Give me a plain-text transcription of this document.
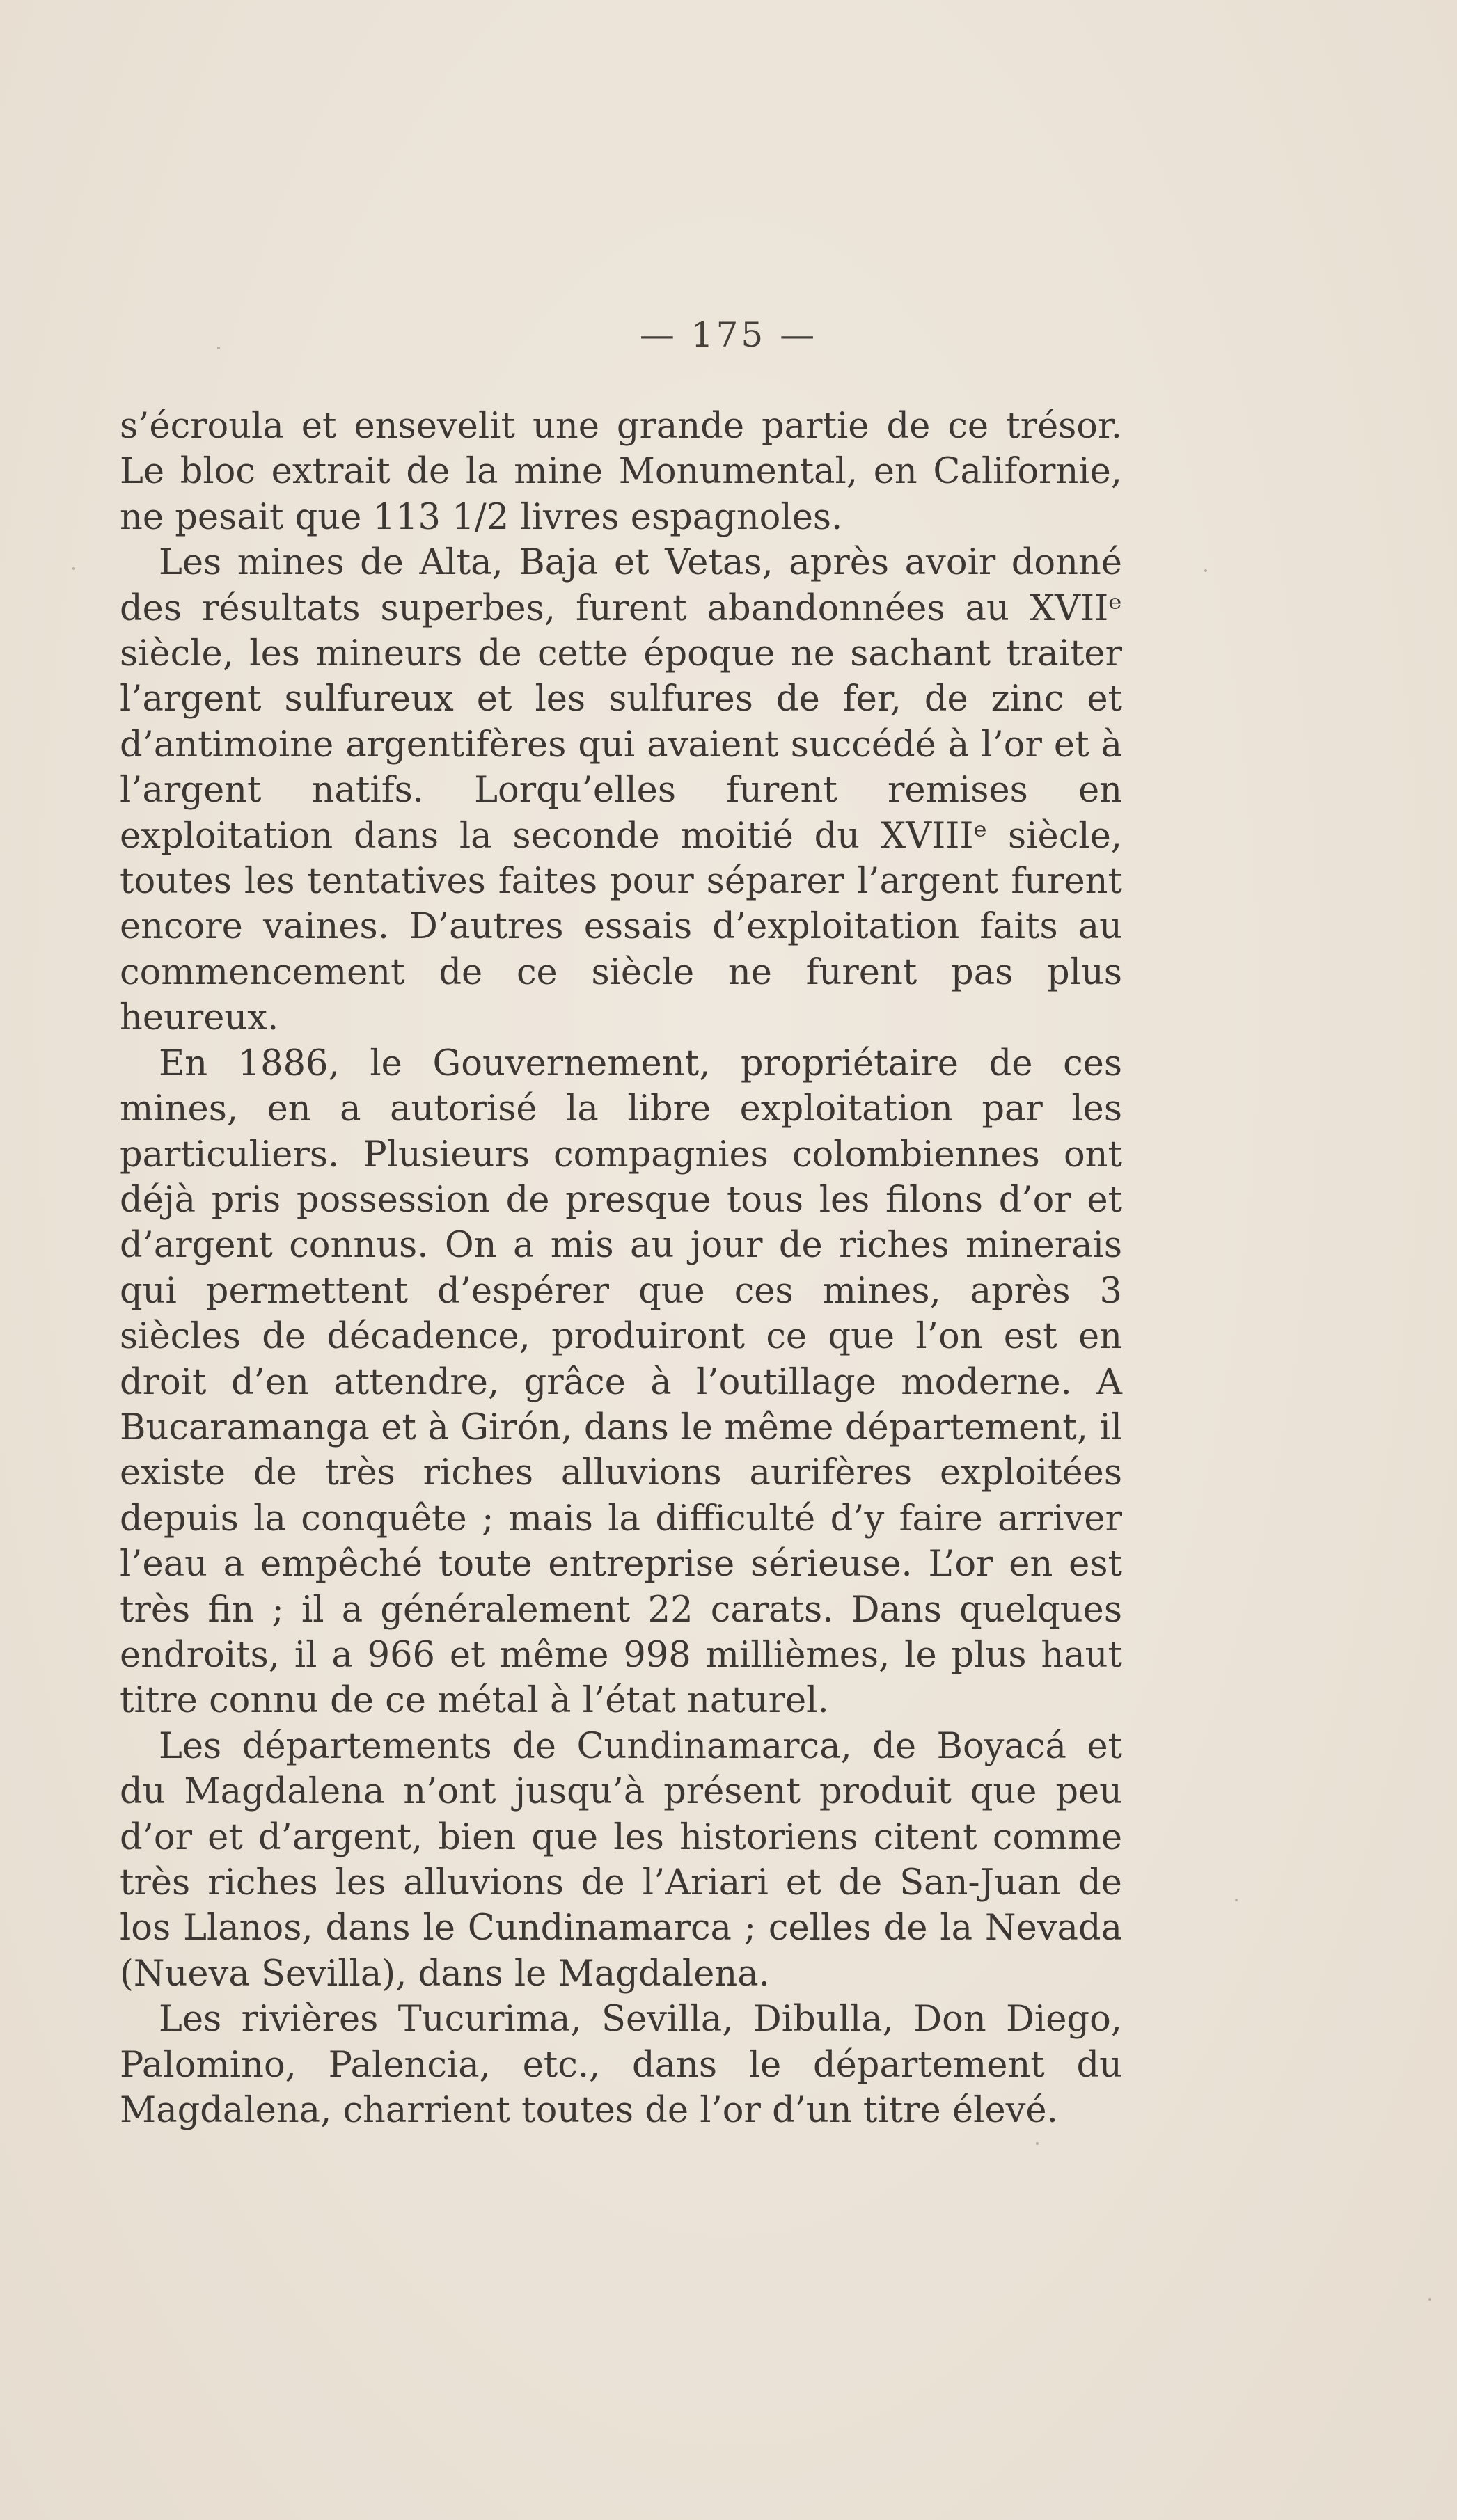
— 175 —

s’écroula et ensevelit une grande partie de ce trésor. Le bloc extrait de la mine Monumental, en Californie, ne pesait que 113 1/2 livres espagnoles.

Les mines de Alta, Baja et Vetas, après avoir donné des résultats superbes, furent abandonnées au XVIIᵉ siècle, les mineurs de cette époque ne sachant traiter l’argent sulfureux et les sulfures de fer, de zinc et d’antimoine argentifères qui avaient succédé à l’or et à l’argent natifs. Lorqu’elles furent remises en exploitation dans la seconde moitié du XVIIIᵉ siècle, toutes les tentatives faites pour séparer l’argent furent encore vaines. D’autres essais d’exploitation faits au commencement de ce siècle ne furent pas plus heureux.

En 1886, le Gouvernement, propriétaire de ces mines, en a autorisé la libre exploitation par les particuliers. Plusieurs compagnies colombiennes ont déjà pris possession de presque tous les filons d’or et d’argent connus. On a mis au jour de riches minerais qui permettent d’espérer que ces mines, après 3 siècles de décadence, produiront ce que l’on est en droit d’en attendre, grâce à l’outillage moderne. A Bucaramanga et à Girón, dans le même département, il existe de très riches alluvions aurifères exploitées depuis la conquête ; mais la difficulté d’y faire arriver l’eau a empêché toute entreprise sérieuse. L’or en est très fin ; il a généralement 22 carats. Dans quelques endroits, il a 966 et même 998 millièmes, le plus haut titre connu de ce métal à l’état naturel.

Les départements de Cundinamarca, de Boyacá et du Magdalena n’ont jusqu’à présent produit que peu d’or et d’argent, bien que les historiens citent comme très riches les alluvions de l’Ariari et de San-Juan de los Llanos, dans le Cundinamarca ; celles de la Nevada (Nueva Sevilla), dans le Magdalena.

Les rivières Tucurima, Sevilla, Dibulla, Don Diego, Palomino, Palencia, etc., dans le département du Magdalena, charrient toutes de l’or d’un titre élevé.
